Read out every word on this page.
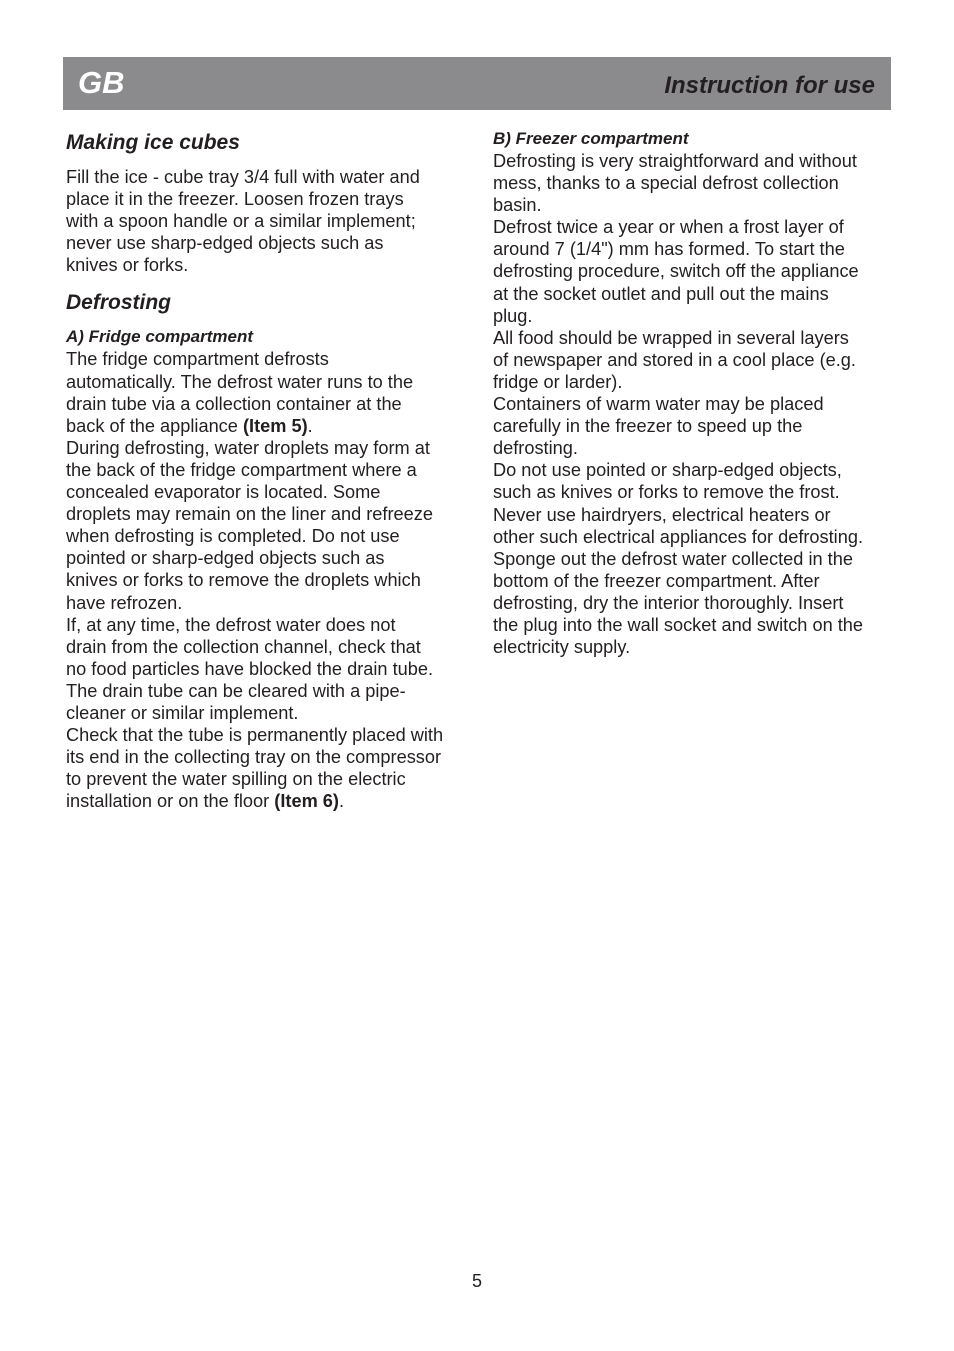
GB	Instruction for use
Making ice cubes

Fill the ice - cube tray 3/4 full with water and

place it in the freezer. Loosen frozen trays

with a spoon handle or a similar implement;

never use sharp-edged objects such as

knives or forks.

Defrosting
A) Fridge compartment

The fridge compartment defrosts

automatically. The defrost water runs to the

drain tube via a collection container at the

back of the appliance (Item 5).

During defrosting, water droplets may form at

the back of the fridge compartment where a

concealed evaporator is located. Some

droplets may remain on the liner and refreeze

when defrosting is completed. Do not use

pointed or sharp-edged objects such as

knives or forks to remove the droplets which

have refrozen.

If, at any time, the defrost water does not

drain from the collection channel, check that

no food particles have blocked the drain tube.

The drain tube can be cleared with a pipe-

cleaner or similar implement.

Check that the tube is permanently placed with

its end in the collecting tray on the compressor

to prevent the water spilling on the electric

installation or on the floor (Item 6).

B) Freezer compartment

Defrosting is very straightforward and without

mess, thanks to a special defrost collection

basin.

Defrost twice a year or when a frost layer of

around 7 (1/4") mm has formed. To start the

defrosting procedure, switch off the appliance

at the socket outlet and pull out the mains

plug.

All food should be wrapped in several layers

of newspaper and stored in a cool place (e.g.

fridge or larder).

Containers of warm water may be placed

carefully in the freezer to speed up the

defrosting.

Do not use pointed or sharp-edged objects,

such as knives or forks to remove the frost.

Never use hairdryers, electrical heaters or

other such electrical appliances for defrosting.

Sponge out the defrost water collected in the

bottom of the freezer compartment. After

defrosting, dry the interior thoroughly. Insert

the plug into the wall socket and switch on the

electricity supply.

5
